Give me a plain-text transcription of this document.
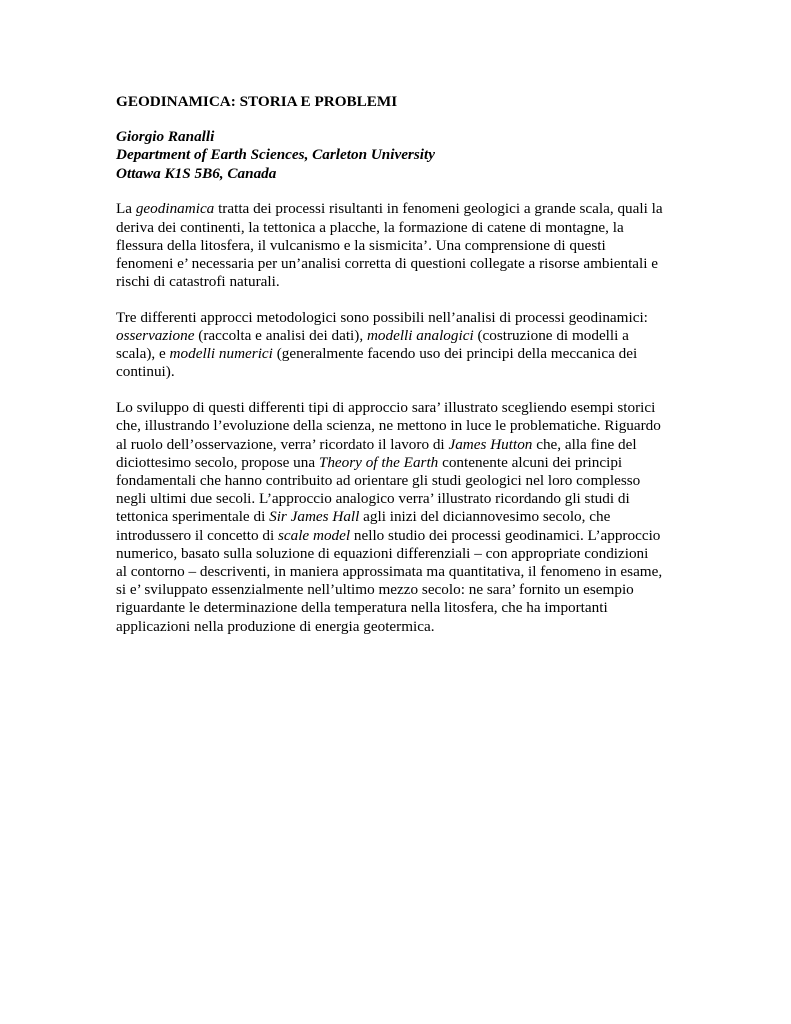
GEODINAMICA: STORIA E PROBLEMI
Giorgio Ranalli
Department of Earth Sciences, Carleton University
Ottawa K1S 5B6, Canada

La geodinamica tratta dei processi risultanti in fenomeni geologici a grande scala, quali la
deriva dei continenti, la tettonica a placche, la formazione di catene di montagne, la
flessura della litosfera, il vulcanismo e la sismicita’. Una comprensione di questi
fenomeni e’ necessaria per un’analisi corretta di questioni collegate a risorse ambientali e
rischi di catastrofi naturali.

Tre differenti approcci metodologici sono possibili nell’analisi di processi geodinamici:
osservazione (raccolta e analisi dei dati), modelli analogici (costruzione di modelli a
scala), e modelli numerici (generalmente facendo uso dei principi della meccanica dei
continui).

Lo sviluppo di questi differenti tipi di approccio sara’ illustrato scegliendo esempi storici
che, illustrando l’evoluzione della scienza, ne mettono in luce le problematiche. Riguardo
al ruolo dell’osservazione, verra’ ricordato il lavoro di James Hutton che, alla fine del
diciottesimo secolo, propose una Theory of the Earth contenente alcuni dei principi
fondamentali che hanno contribuito ad orientare gli studi geologici nel loro complesso
negli ultimi due secoli. L’approccio analogico verra’ illustrato ricordando gli studi di
tettonica sperimentale di Sir James Hall agli inizi del diciannovesimo secolo, che
introdussero il concetto di scale model nello studio dei processi geodinamici. L’approccio
numerico, basato sulla soluzione di equazioni differenziali – con appropriate condizioni
al contorno – descriventi, in maniera approssimata ma quantitativa, il fenomeno in esame,
si e’ sviluppato essenzialmente nell’ultimo mezzo secolo: ne sara’ fornito un esempio
riguardante le determinazione della temperatura nella litosfera, che ha importanti
applicazioni nella produzione di energia geotermica.
